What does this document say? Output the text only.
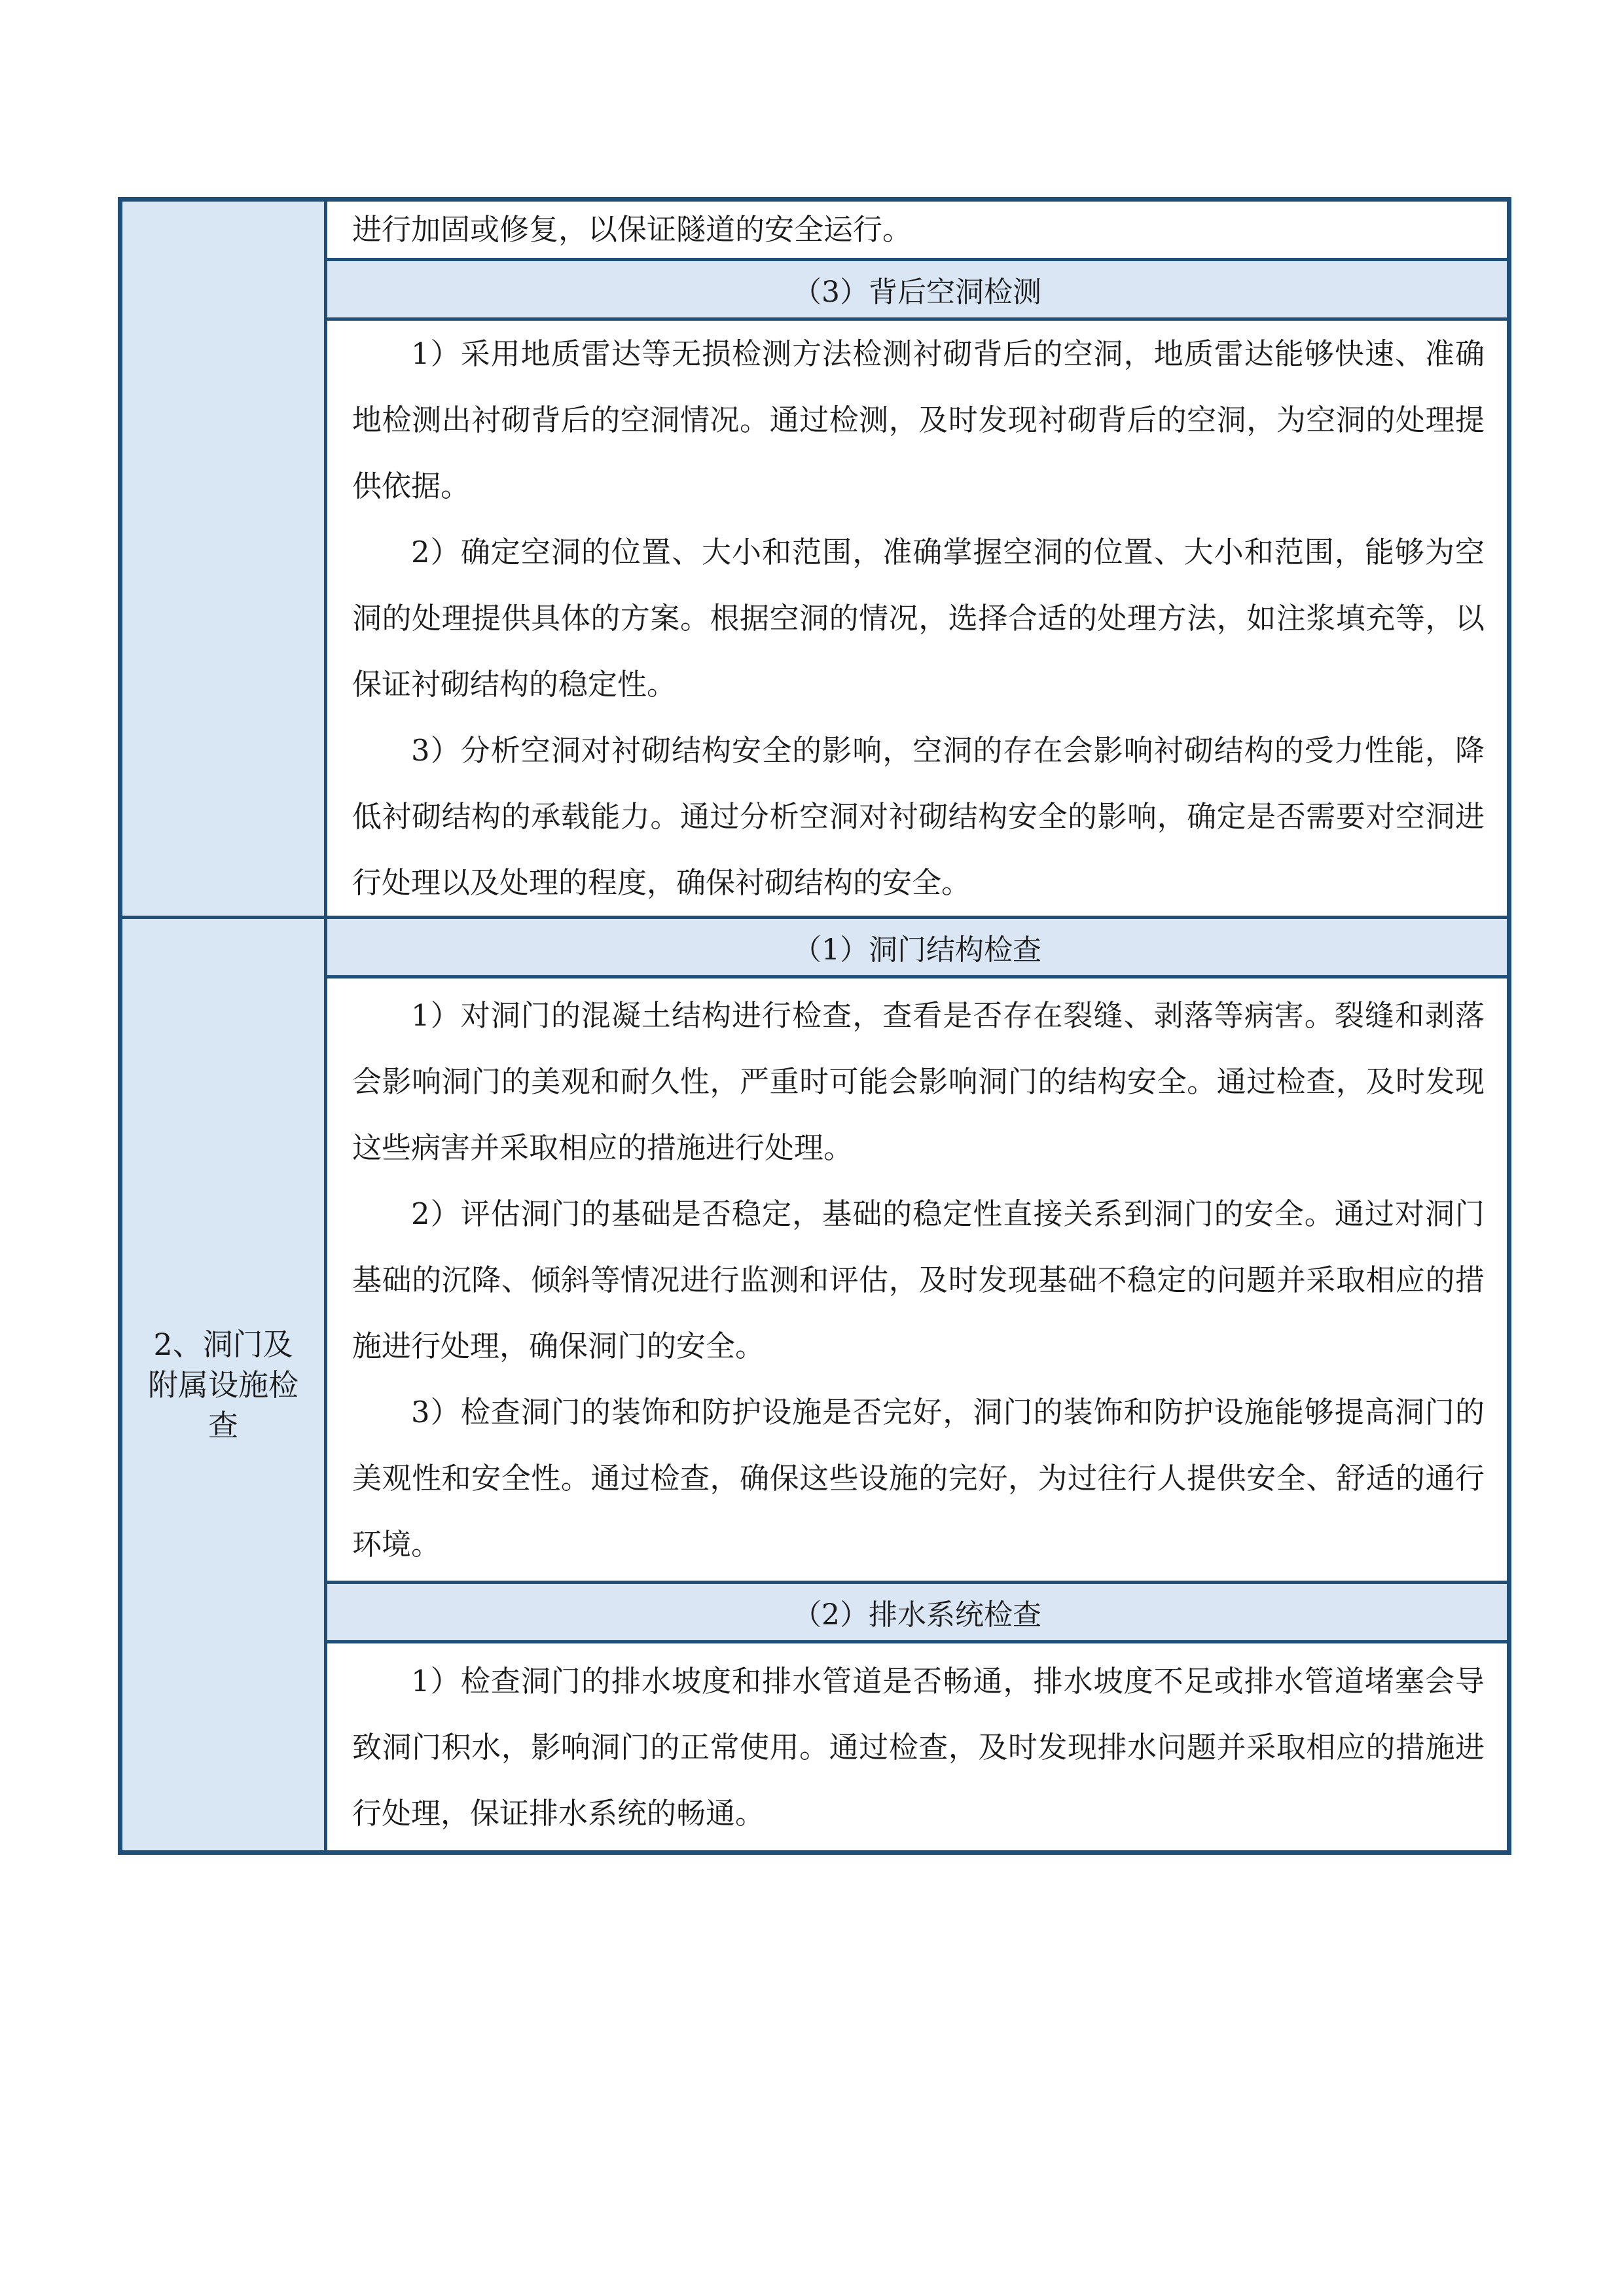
	进行加固或修复，以保证隧道的安全运行。

	（3）背后空洞检测

	1）采用地质雷达等无损检测方法检测衬砌背后的空洞，地质雷达能够快速、准确地检测出衬砌背后的空洞情况。通过检测，及时发现衬砌背后的空洞，为空洞的处理提供依据。

2）确定空洞的位置、大小和范围，准确掌握空洞的位置、大小和范围，能够为空洞的处理提供具体的方案。根据空洞的情况，选择合适的处理方法，如注浆填充等，以保证衬砌结构的稳定性。

3）分析空洞对衬砌结构安全的影响，空洞的存在会影响衬砌结构的受力性能，降低衬砌结构的承载能力。通过分析空洞对衬砌结构安全的影响，确定是否需要对空洞进行处理以及处理的程度，确保衬砌结构的安全。

2、洞门及附属设施检查	（1）洞门结构检查

	1）对洞门的混凝土结构进行检查，查看是否存在裂缝、剥落等病害。裂缝和剥落会影响洞门的美观和耐久性，严重时可能会影响洞门的结构安全。通过检查，及时发现这些病害并采取相应的措施进行处理。

2）评估洞门的基础是否稳定，基础的稳定性直接关系到洞门的安全。通过对洞门基础的沉降、倾斜等情况进行监测和评估，及时发现基础不稳定的问题并采取相应的措施进行处理，确保洞门的安全。

3）检查洞门的装饰和防护设施是否完好，洞门的装饰和防护设施能够提高洞门的美观性和安全性。通过检查，确保这些设施的完好，为过往行人提供安全、舒适的通行环境。

	（2）排水系统检查

	1）检查洞门的排水坡度和排水管道是否畅通，排水坡度不足或排水管道堵塞会导致洞门积水，影响洞门的正常使用。通过检查，及时发现排水问题并采取相应的措施进行处理，保证排水系统的畅通。
